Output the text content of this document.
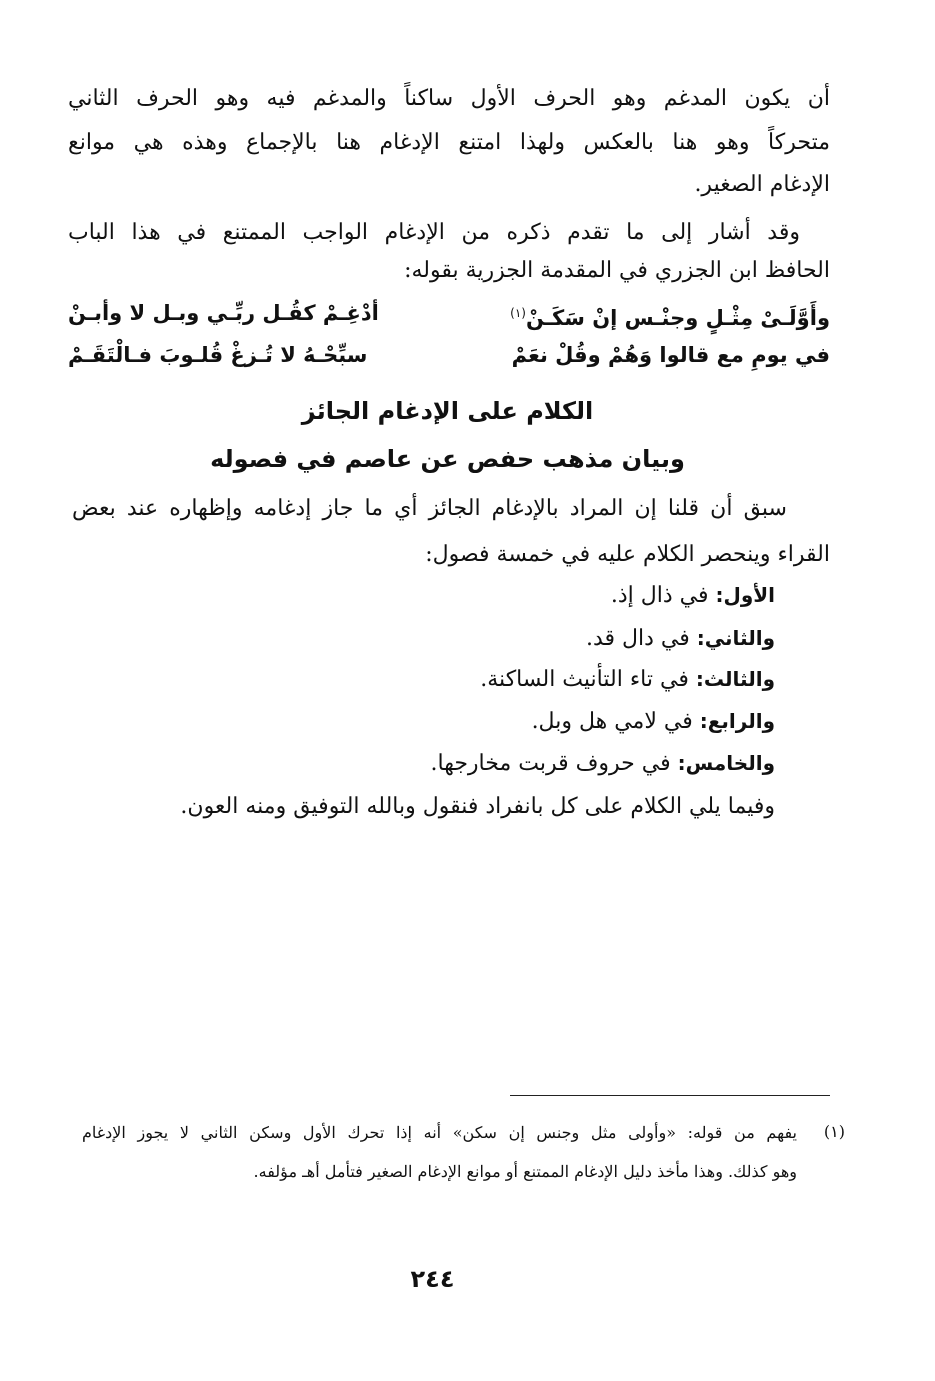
أن يكون المدغم وهو الحرف الأول ساكناً والمدغم فيه وهو الحرف الثاني
متحركاً وهو هنا بالعكس ولهذا امتنع الإدغام هنا بالإجماع وهذه هي موانع
الإدغام الصغير.
وقد أشار إلى ما تقدم ذكره من الإدغام الواجب الممتنع في هذا الباب
الحافظ ابن الجزري في المقدمة الجزرية بقوله:
وأَوَّلَـىْ مِثْـلٍ وجنْـس إنْ سَكَـنْ$^{(١)}$
أدْغِـمْ كقُـل ربِّـي وبـل لا وأبـنْ
في يومِ مع قالوا وَهُمْ وقُلْ نعَمْ
سبِّحْـهُ لا تُـزغْ قُلـوبَ فـالْتَقَـمْ
الكلام على الإدغام الجائز
وبيان مذهب حفص عن عاصم في فصوله
سبق أن قلنا إن المراد بالإدغام الجائز أي ما جاز إدغامه وإظهاره عند بعض
القراء وينحصر الكلام عليه في خمسة فصول:
الأول: في ذال إذ.
والثاني: في دال قد.
والثالث: في تاء التأنيث الساكنة.
والرابع: في لامي هل وبل.
والخامس: في حروف قربت مخارجها.
وفيما يلي الكلام على كل بانفراد فنقول وبالله التوفيق ومنه العون.
(١)
يفهم من قوله: «وأولى مثل وجنس إن سكن» أنه إذا تحرك الأول وسكن الثاني لا يجوز الإدغام
وهو كذلك. وهذا مأخذ دليل الإدغام الممتنع أو موانع الإدغام الصغير فتأمل أهـ مؤلفه.
٢٤٤
